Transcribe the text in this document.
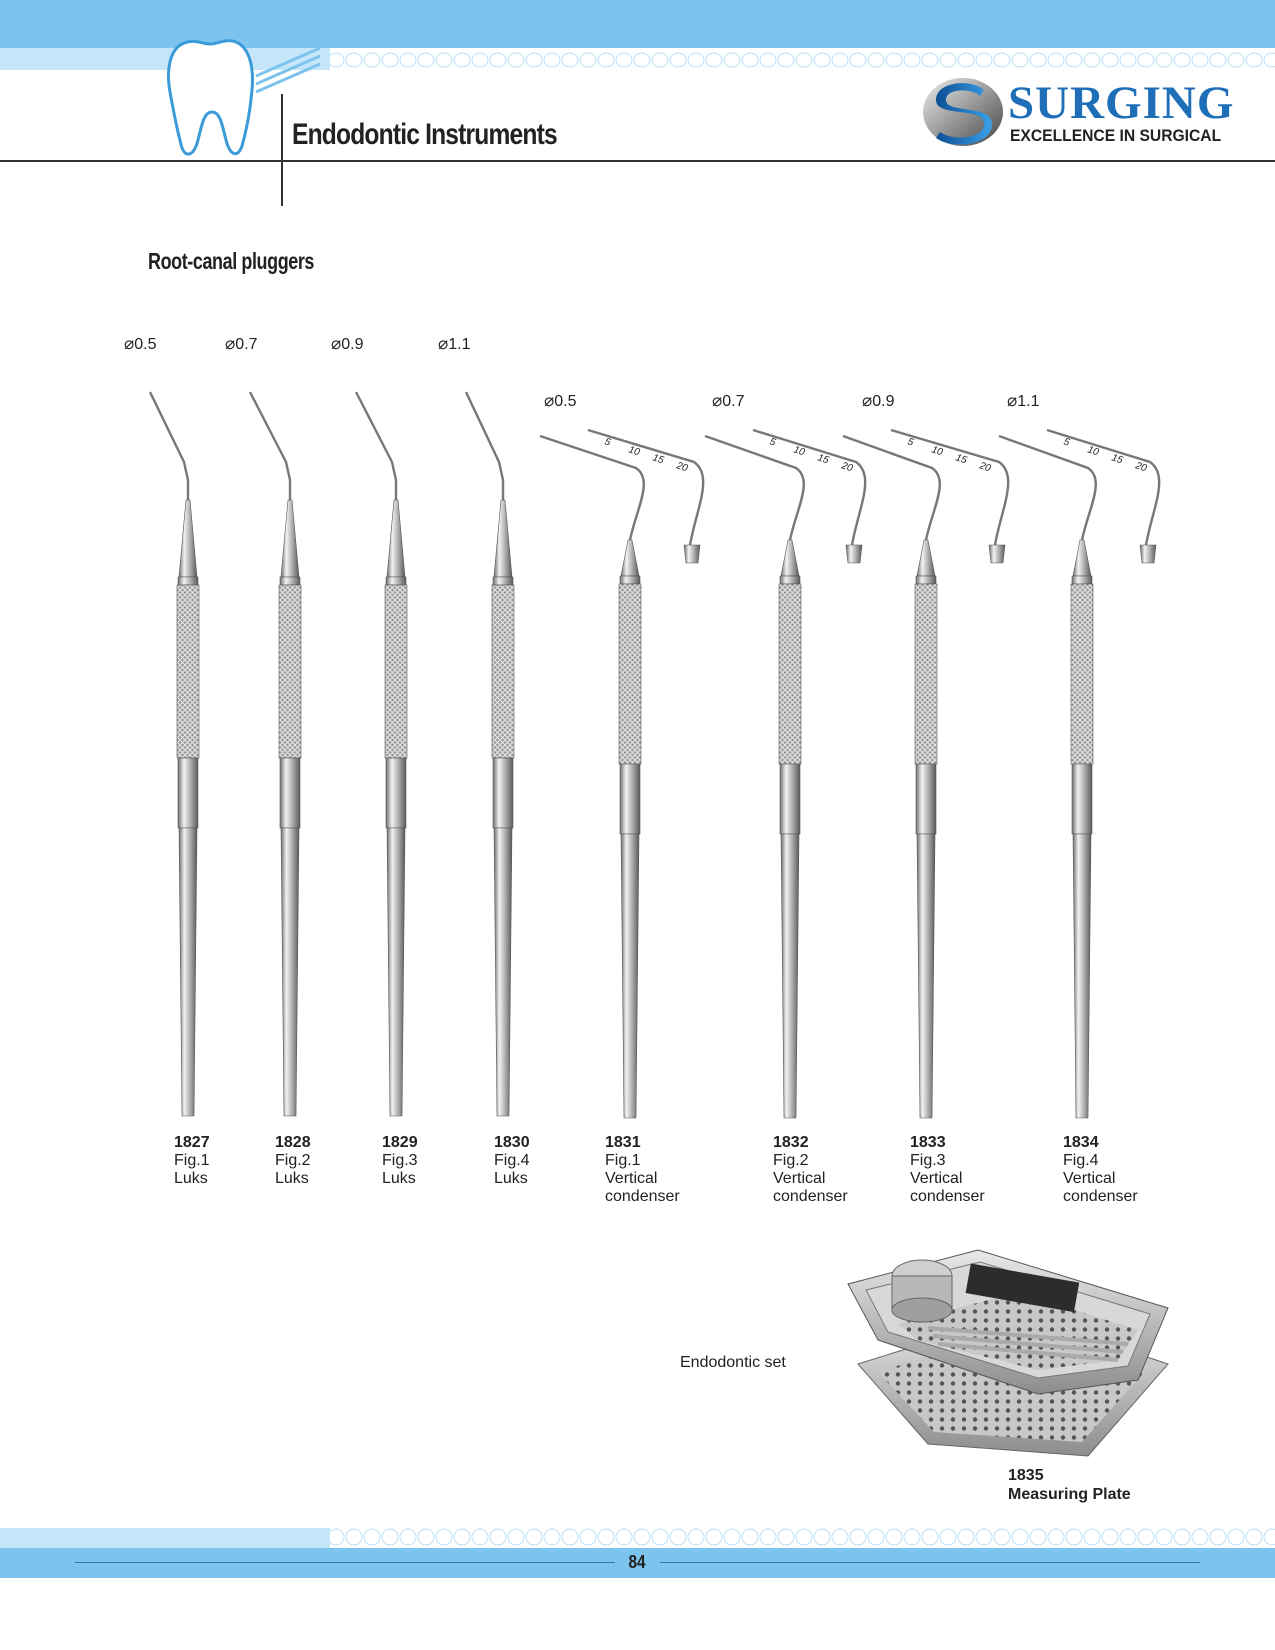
Endodontic Instruments
SURGING
EXCELLENCE IN SURGICAL
Root-canal pluggers
⌀0.5	⌀0.7	⌀0.9	⌀1.1
⌀0.5	⌀0.7	⌀0.9	⌀1.1
5
10
15
20
5
10
15
20
5
10
15
20
5
10
15
20
1827
Fig.1
Luks
1828
Fig.2
Luks
1829
Fig.3
Luks
1830
Fig.4
Luks
1831
Fig.1
Vertical
condenser
1832
Fig.2
Vertical
condenser
1833
Fig.3
Vertical
condenser
1834
Fig.4
Vertical
condenser
Endodontic set
1835
Measuring Plate
84
